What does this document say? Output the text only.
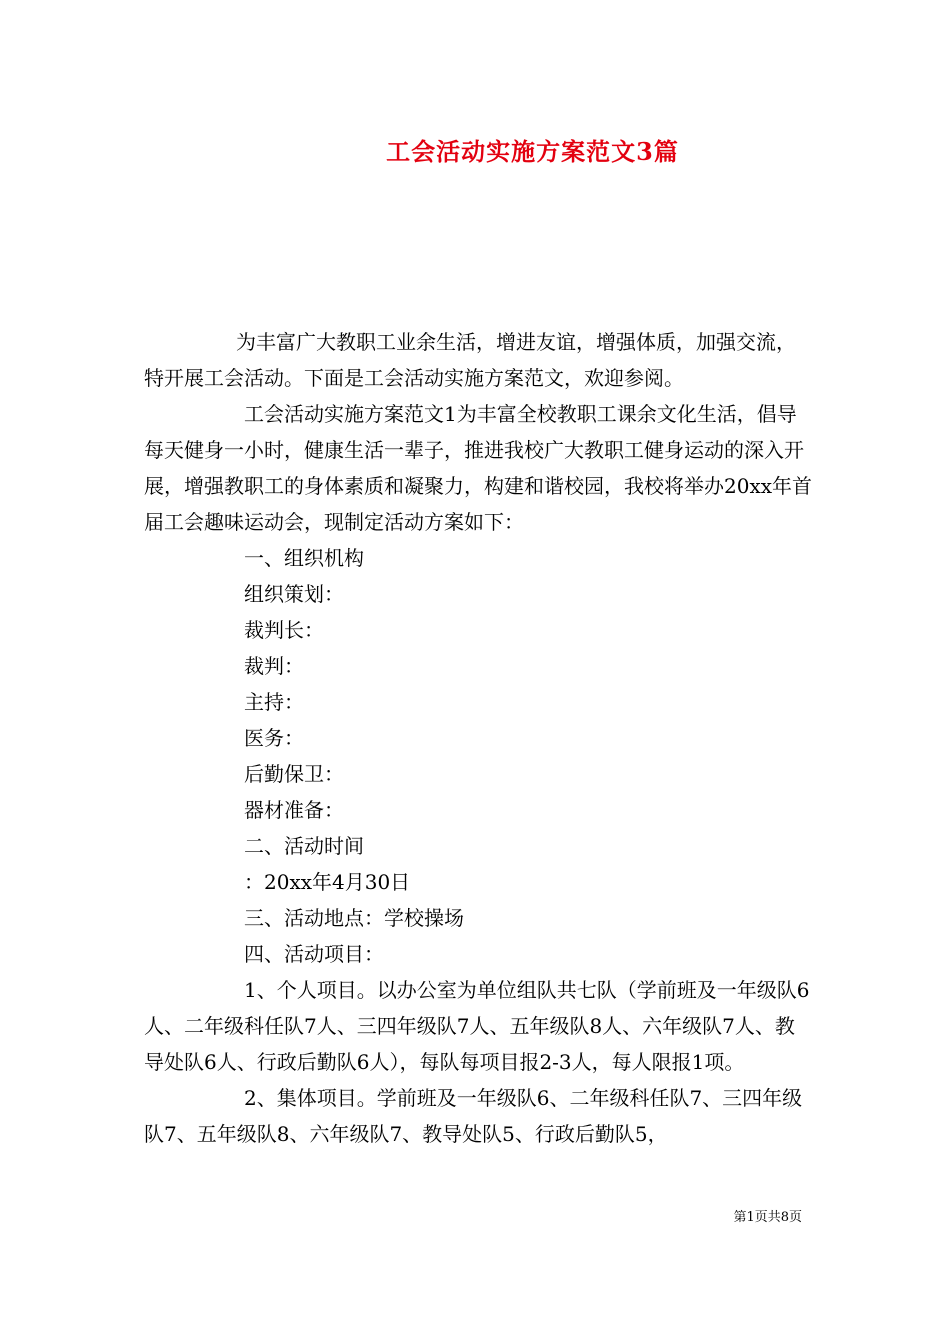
工会活动实施方案范文3篇

为丰富广大教职工业余生活，增进友谊，增强体质，加强交流，特开展工会活动。下面是工会活动实施方案范文，欢迎参阅。

工会活动实施方案范文1为丰富全校教职工课余文化生活，倡导每天健身一小时，健康生活一辈子，推进我校广大教职工健身运动的深入开展，增强教职工的身体素质和凝聚力，构建和谐校园，我校将举办20xx年首届工会趣味运动会，现制定活动方案如下：

一、组织机构

组织策划：

裁判长：

裁判：

主持：

医务：

后勤保卫：

器材准备：

二、活动时间

：20xx年4月30日

三、活动地点：学校操场

四、活动项目：

1、个人项目。以办公室为单位组队共七队（学前班及一年级队6人、二年级科任队7人、三四年级队7人、五年级队8人、六年级队7人、教导处队6人、行政后勤队6人），每队每项目报2-3人，每人限报1项。

2、集体项目。学前班及一年级队6、二年级科任队7、三四年级队7、五年级队8、六年级队7、教导处队5、行政后勤队5，

第1页共8页
